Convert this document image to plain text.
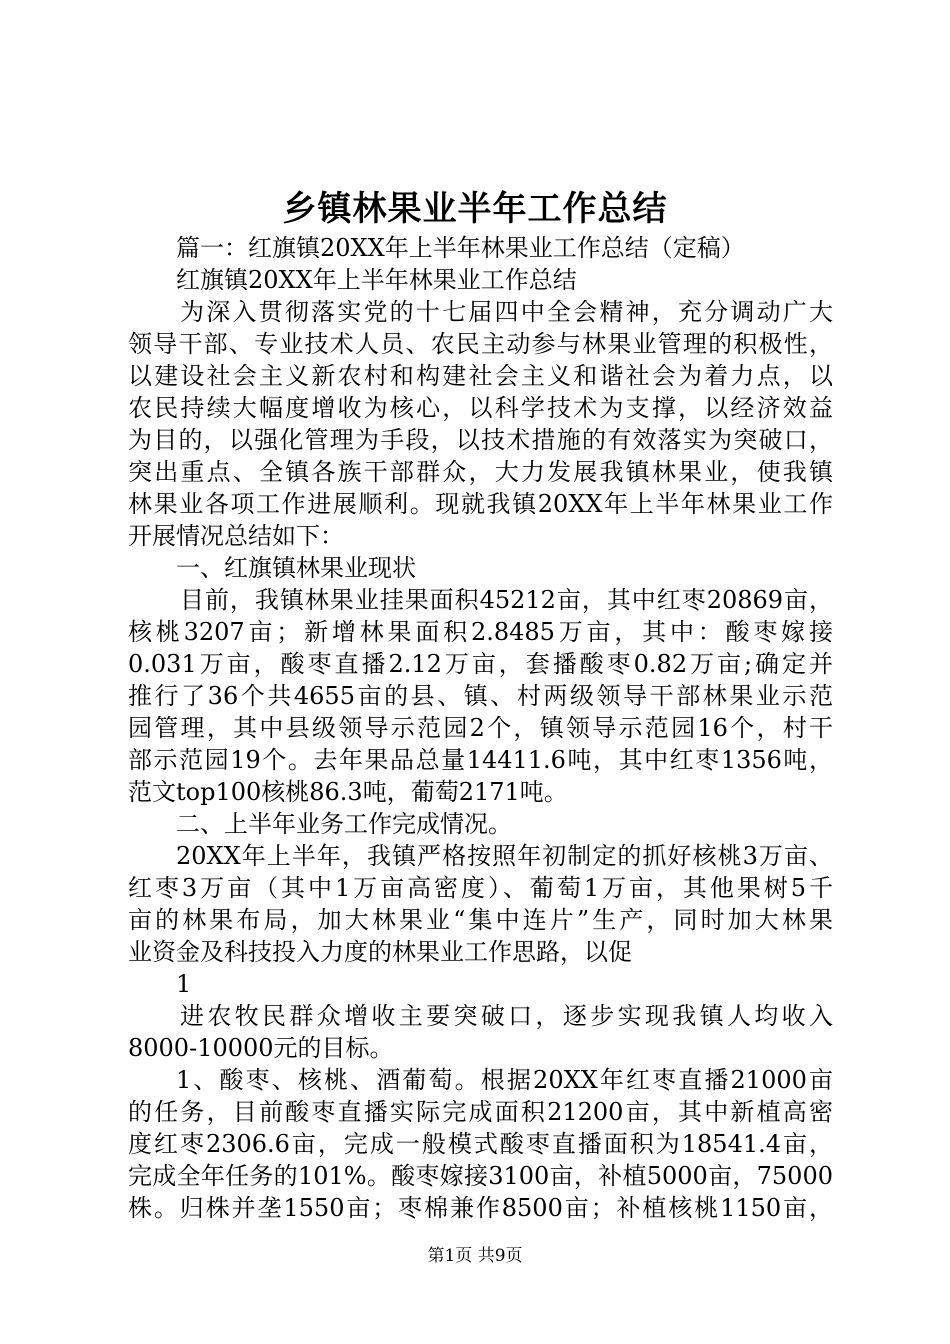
乡镇林果业半年工作总结
篇一：红旗镇20XX年上半年林果业工作总结（定稿）
红旗镇20XX年上半年林果业工作总结
为深入贯彻落实党的十七届四中全会精神，充分调动广大
领导干部、专业技术人员、农民主动参与林果业管理的积极性，
以建设社会主义新农村和构建社会主义和谐社会为着力点，以
农民持续大幅度增收为核心，以科学技术为支撑，以经济效益
为目的，以强化管理为手段，以技术措施的有效落实为突破口，
突出重点、全镇各族干部群众，大力发展我镇林果业，使我镇
林果业各项工作进展顺利。现就我镇20XX年上半年林果业工作
开展情况总结如下：
一、红旗镇林果业现状
目前，我镇林果业挂果面积45212亩，其中红枣20869亩，
核桃3207亩；新增林果面积2.8485万亩，其中：酸枣嫁接
0.031万亩，酸枣直播2.12万亩，套播酸枣0.82万亩;确定并
推行了36个共4655亩的县、镇、村两级领导干部林果业示范
园管理，其中县级领导示范园2个，镇领导示范园16个，村干
部示范园19个。去年果品总量14411.6吨，其中红枣1356吨，
范文top100核桃86.3吨，葡萄2171吨。
二、上半年业务工作完成情况。
20XX年上半年，我镇严格按照年初制定的抓好核桃3万亩、
红枣3万亩（其中1万亩高密度）、葡萄1万亩，其他果树5千
亩的林果布局，加大林果业“集中连片”生产，同时加大林果
业资金及科技投入力度的林果业工作思路，以促
1
进农牧民群众增收主要突破口，逐步实现我镇人均收入
8000-10000元的目标。
1、酸枣、核桃、酒葡萄。根据20XX年红枣直播21000亩
的任务，目前酸枣直播实际完成面积21200亩，其中新植高密
度红枣2306.6亩，完成一般模式酸枣直播面积为18541.4亩，
完成全年任务的101%。酸枣嫁接3100亩，补植5000亩，75000
株。归株并垄1550亩；枣棉兼作8500亩；补植核桃1150亩，
第1页 共9页
